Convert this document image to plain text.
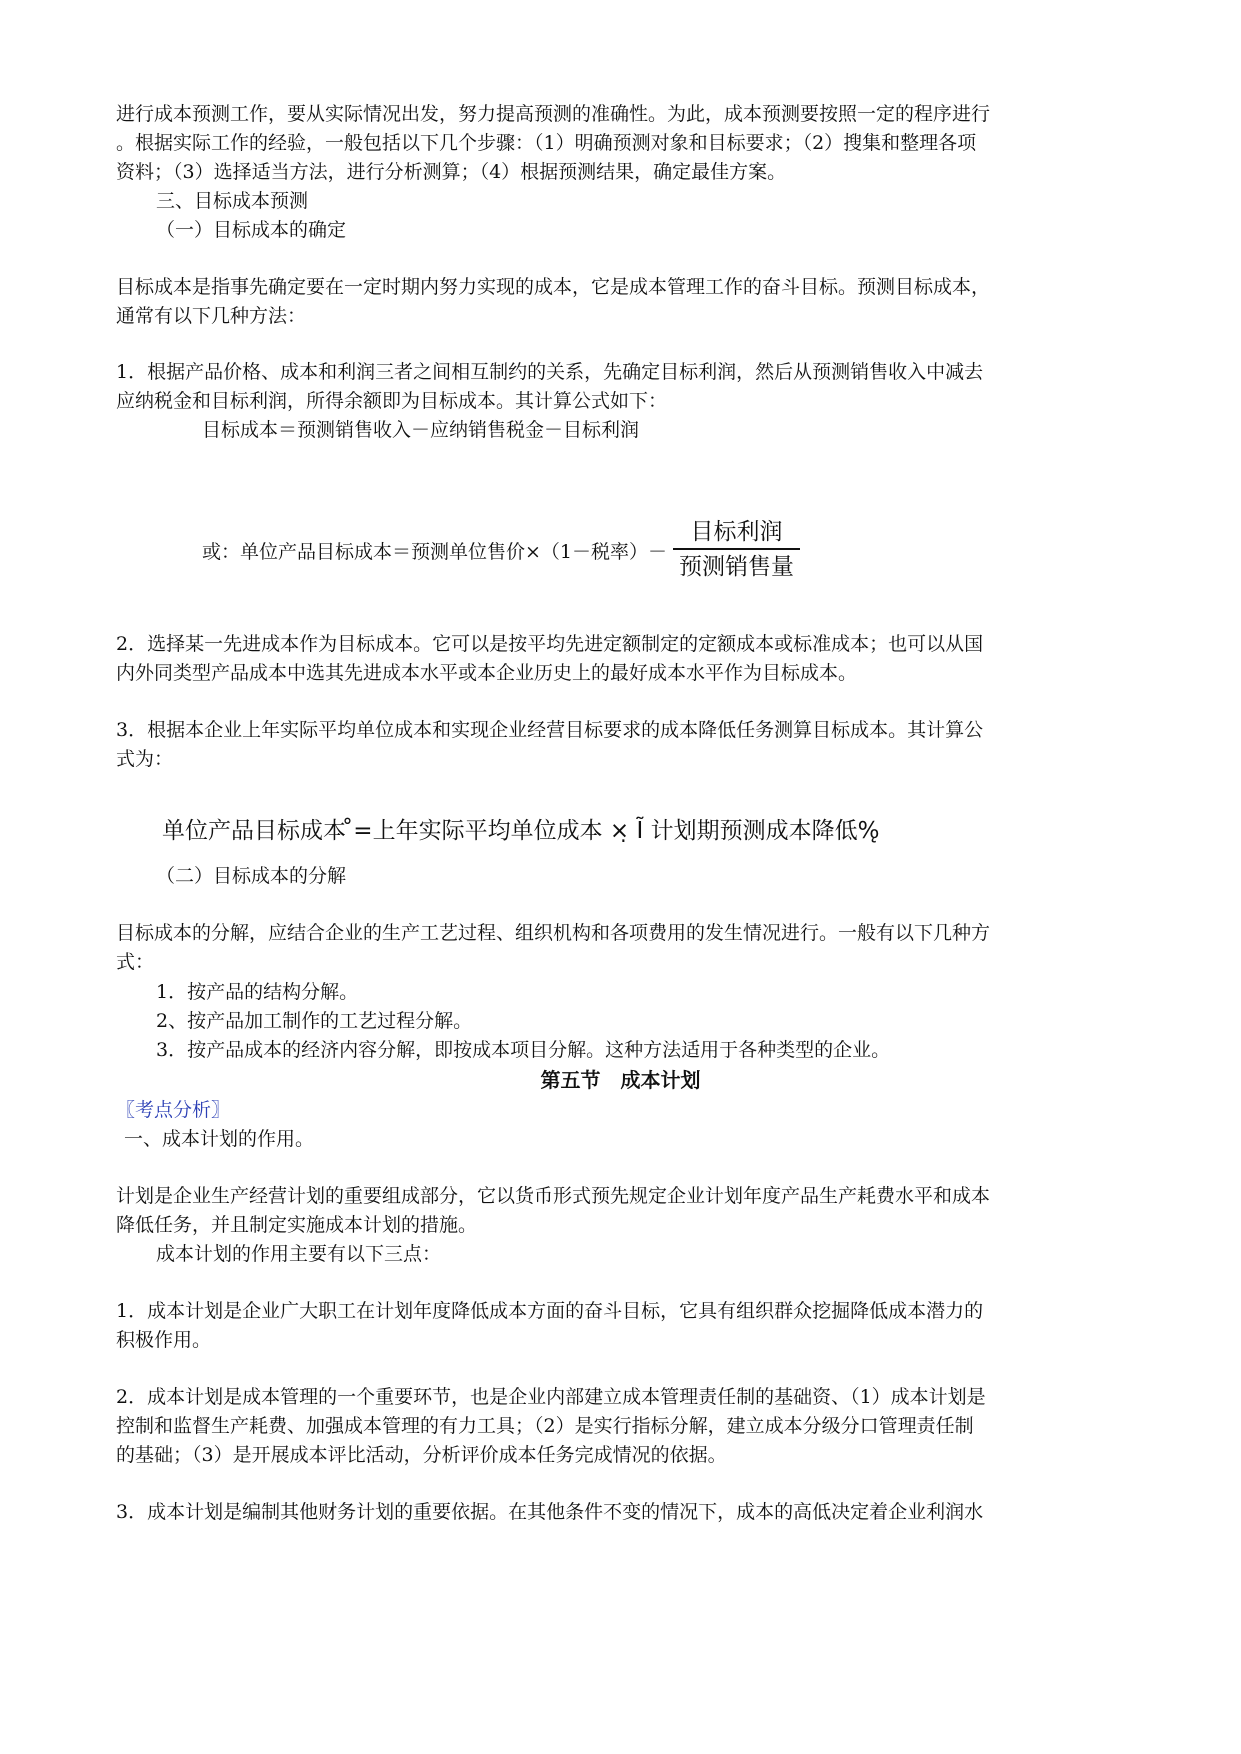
进行成本预测工作，要从实际情况出发，努力提高预测的准确性。为此，成本预测要按照一定的程序进行
。根据实际工作的经验，一般包括以下几个步骤：（1）明确预测对象和目标要求；（2）搜集和整理各项
资料；（3）选择适当方法，进行分析测算；（4）根据预测结果，确定最佳方案。
三、目标成本预测
（一）目标成本的确定
目标成本是指事先确定要在一定时期内努力实现的成本，它是成本管理工作的奋斗目标。预测目标成本，
通常有以下几种方法：
1．根据产品价格、成本和利润三者之间相互制约的关系，先确定目标利润，然后从预测销售收入中减去
应纳税金和目标利润，所得余额即为目标成本。其计算公式如下：
目标成本＝预测销售收入－应纳销售税金－目标利润
或：单位产品目标成本＝预测单位售价×（1－税率）－ $\frac{\text{目标利润}}{\text{预测销售量}}$
2．选择某一先进成本作为目标成本。它可以是按平均先进定额制定的定额成本或标准成本；也可以从国
内外同类型产品成本中选其先进成本水平或本企业历史上的最好成本水平作为目标成本。
3．根据本企业上年实际平均单位成本和实现企业经营目标要求的成本降低任务测算目标成本。其计算公
式为：
单位产品目标成本 ̊=上年实际平均单位成本 ×̣ Ĩ 计划期预测成本降低%̨
（二）目标成本的分解
目标成本的分解，应结合企业的生产工艺过程、组织机构和各项费用的发生情况进行。一般有以下几种方
式：
1．按产品的结构分解。
2、按产品加工制作的工艺过程分解。
3．按产品成本的经济内容分解，即按成本项目分解。这种方法适用于各种类型的企业。
第五节　成本计划
〖考点分析〗
一、成本计划的作用。
计划是企业生产经营计划的重要组成部分，它以货币形式预先规定企业计划年度产品生产耗费水平和成本
降低任务，并且制定实施成本计划的措施。
成本计划的作用主要有以下三点：
1．成本计划是企业广大职工在计划年度降低成本方面的奋斗目标，它具有组织群众挖掘降低成本潜力的
积极作用。
2．成本计划是成本管理的一个重要环节，也是企业内部建立成本管理责任制的基础资、（1）成本计划是
控制和监督生产耗费、加强成本管理的有力工具；（2）是实行指标分解，建立成本分级分口管理责任制
的基础；（3）是开展成本评比活动，分析评价成本任务完成情况的依据。
3．成本计划是编制其他财务计划的重要依据。在其他条件不变的情况下，成本的高低决定着企业利润水
